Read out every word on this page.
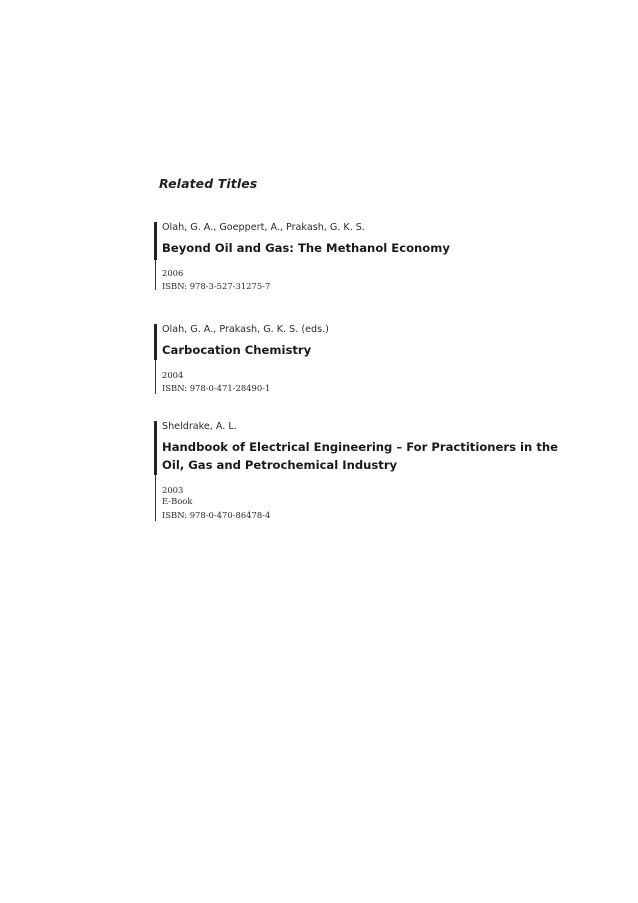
Related Titles

Olah, G. A., Goeppert, A., Prakash, G. K. S.

Beyond Oil and Gas: The Methanol Economy

2006

ISBN: 978-3-527-31275-7

Olah, G. A., Prakash, G. K. S. (eds.)

Carbocation Chemistry

2004

ISBN: 978-0-471-28490-1

Sheldrake, A. L.

Handbook of Electrical Engineering – For Practitioners in the

Oil, Gas and Petrochemical Industry

2003

E-Book

ISBN: 978-0-470-86478-4
